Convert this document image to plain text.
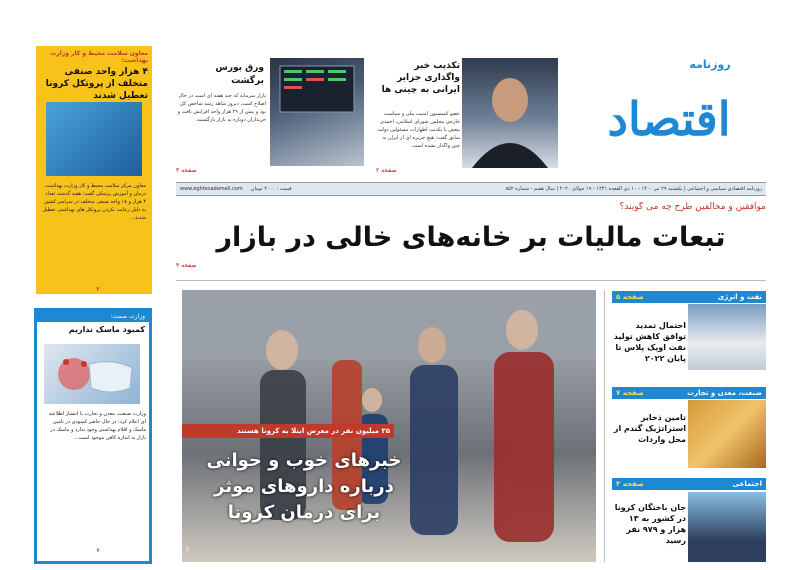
معاون سلامت محیط و کار وزارت بهداشت:
۴ هزار واحد صنفی متخلف از پروتکل کرونا تعطیل شدند
معاون مرکز سلامت محیط و کار وزارت بهداشت، درمان و آموزش پزشکی گفت: هفته گذشته تعداد ۴ هزار و ۱۸ واحد صنفی متخلف در سراسر کشور به دلیل رعایت نکردن پروتکل های بهداشتی تعطیل شدند...
۲
وزارت صمت:
کمبود ماسک نداریم
وزارت صنعت، معدن و تجارت با انتشار اطلاعیه ای اعلام کرد: در حال حاضر کمبودی در تامین ماسک و اقلام بهداشتی وجود ندارد و ماسک در بازار به اندازه کافی موجود است...
۷
روزنامه
اقتصاد
ورق بورس برگشت
بازار سرمایه که چند هفته ای است در حال اصلاح است، دیروز شاهد رشد شاخص کل بود و بیش از ۲۹ هزار واحد افزایش یافت و خریداران دوباره به بازار بازگشتند.
صفحه ۳
تکذیب خبر واگذاری جزایر ایرانی به چینی ها
عضو کمیسیون امنیت ملی و سیاست خارجی مجلس شورای اسلامی، احمدی بیغش با تکذیب اظهارات مسئولین دولت سابق گفت: هیچ جزیره ای از ایران به چین واگذار نشده است.
صفحه ۲
www.eghtesademeli.com قیمت : ۲۰۰۰ تومان	روزنامه اقتصادی سیاسی و اجتماعی | یکشنبه ۲۹ تیر ۱۴۰۰ - ۱۰ ذی القعده ۱۴۴۱ - ۱۹ جولای ۲۰۲۰ | سال هفتم - شماره ۸۵۲
موافقین و مخالفین طرح چه می گویند؟
تبعات مالیات بر خانه‌های خالی در بازار
صفحه ۳
۳۵ میلیون نفر در معرض ابتلا به کرونا هستند
خبرهای خوب و حوانی درباره داروهای موثر برای درمان کرونا
۲
نفت و انرژی
صفحه ۵
احتمال تمدید توافق کاهش تولید نفت اوپک پلاس تا پایان ۲۰۲۲
صنعت، معدن و تجارت
صفحه ۷
تامین ذخایر استراتژیک گندم از محل واردات
اجتماعی
صفحه ۴
جان باختگان کرونا در کشور به ۱۳ هزار و ۹۷۹ نفر رسید
